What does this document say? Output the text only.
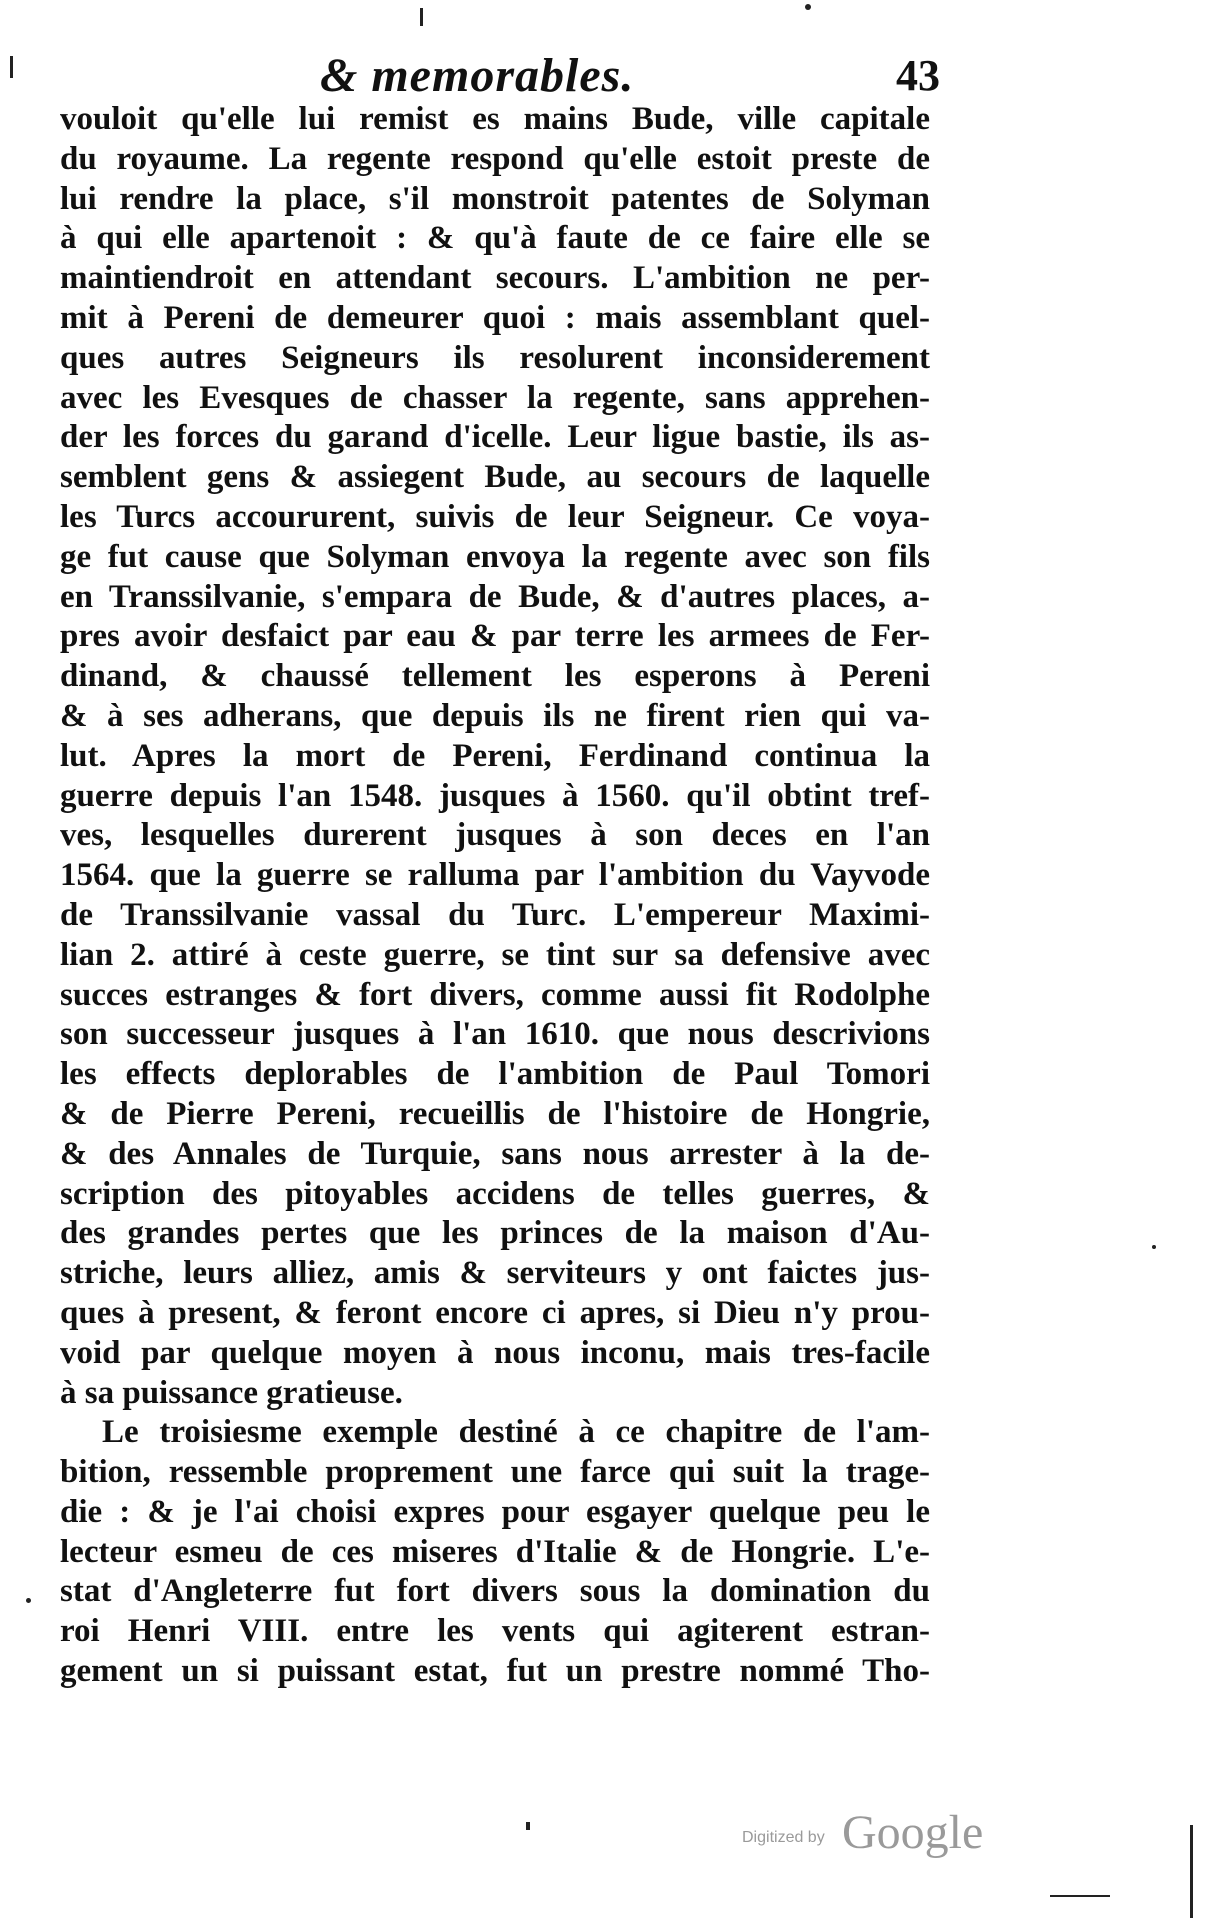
& memorables.	43
vouloit qu'elle lui remist es mains Bude, ville capitale
du royaume. La regente respond qu'elle estoit preste de
lui rendre la place, s'il monstroit patentes de Solyman
à qui elle apartenoit : & qu'à faute de ce faire elle se
maintiendroit en attendant secours. L'ambition ne per-
mit à Pereni de demeurer quoi : mais assemblant quel-
ques autres Seigneurs ils resolurent inconsiderement
avec les Evesques de chasser la regente, sans apprehen-
der les forces du garand d'icelle. Leur ligue bastie, ils as-
semblent gens & assiegent Bude, au secours de laquelle
les Turcs accoururent, suivis de leur Seigneur. Ce voya-
ge fut cause que Solyman envoya la regente avec son fils
en Transsilvanie, s'empara de Bude, & d'autres places, a-
pres avoir desfaict par eau & par terre les armees de Fer-
dinand, & chaussé tellement les esperons à Pereni
& à ses adherans, que depuis ils ne firent rien qui va-
lut. Apres la mort de Pereni, Ferdinand continua la
guerre depuis l'an 1548. jusques à 1560. qu'il obtint tref-
ves, lesquelles durerent jusques à son deces en l'an
1564. que la guerre se ralluma par l'ambition du Vayvode
de Transsilvanie vassal du Turc. L'empereur Maximi-
lian 2. attiré à ceste guerre, se tint sur sa defensive avec
succes estranges & fort divers, comme aussi fit Rodolphe
son successeur jusques à l'an 1610. que nous descrivions
les effects deplorables de l'ambition de Paul Tomori
& de Pierre Pereni, recueillis de l'histoire de Hongrie,
& des Annales de Turquie, sans nous arrester à la de-
scription des pitoyables accidens de telles guerres, &
des grandes pertes que les princes de la maison d'Au-
striche, leurs alliez, amis & serviteurs y ont faictes jus-
ques à present, & feront encore ci apres, si Dieu n'y prou-
void par quelque moyen à nous inconu, mais tres-facile
à sa puissance gratieuse.
Le troisiesme exemple destiné à ce chapitre de l'am-
bition, ressemble proprement une farce qui suit la trage-
die : & je l'ai choisi expres pour esgayer quelque peu le
lecteur esmeu de ces miseres d'Italie & de Hongrie. L'e-
stat d'Angleterre fut fort divers sous la domination du
roi Henri VIII. entre les vents qui agiterent estran-
gement un si puissant estat, fut un prestre nommé Tho-
Digitized by Google
